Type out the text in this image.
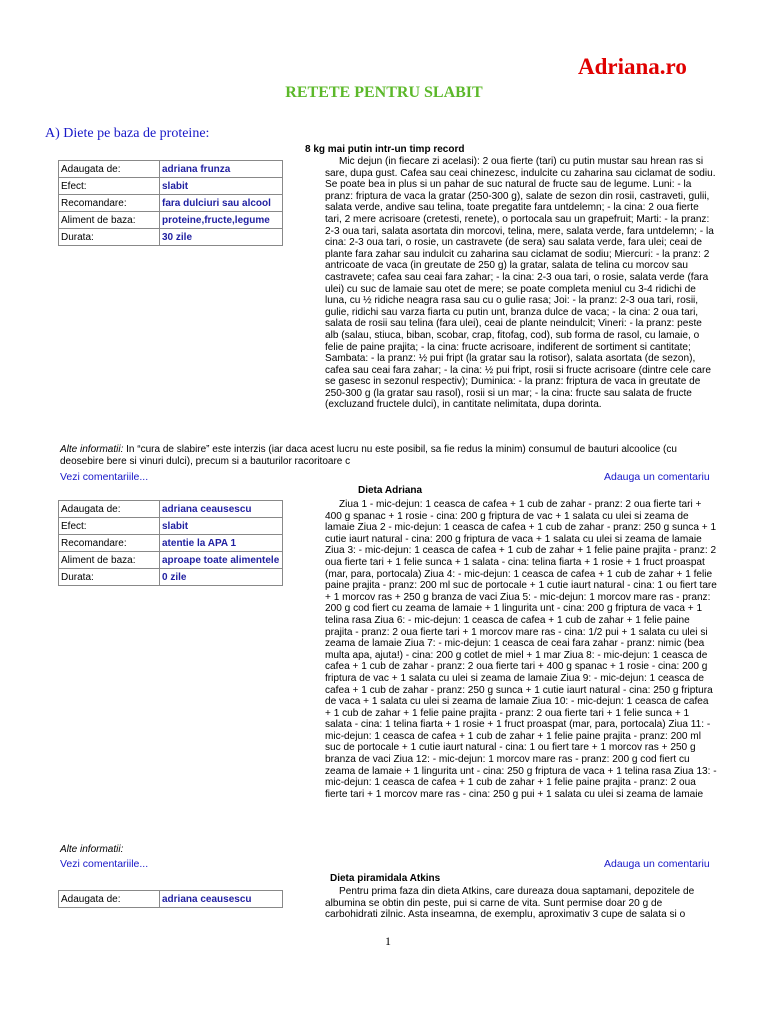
Adriana.ro
RETETE PENTRU SLABIT
A) Diete pe baza de proteine:
8 kg mai putin intr-un timp record
Adaugata de:	adriana frunza
Efect:	slabit
Recomandare:	fara dulciuri sau alcool
Aliment de baza:	proteine,fructe,legume
Durata:	30 zile

Mic dejun (in fiecare zi acelasi): 2 oua fierte (tari) cu putin mustar sau hrean ras si sare, dupa gust. Cafea sau ceai chinezesc, indulcite cu zaharina sau ciclamat de sodiu. Se poate bea in plus si un pahar de suc natural de fructe sau de legume. Luni: - la pranz: friptura de vaca la gratar (250-300 g), salate de sezon din rosii, castraveti, gulii, salata verde, andive sau telina, toate pregatite fara untdelemn; - la cina: 2 oua fierte tari, 2 mere acrisoare (cretesti, renete), o portocala sau un grapefruit; Marti: - la pranz: 2-3 oua tari, salata asortata din morcovi, telina, mere, salata verde, fara untdelemn; - la cina: 2-3 oua tari, o rosie, un castravete (de sera) sau salata verde, fara ulei; ceai de plante fara zahar sau indulcit cu zaharina sau ciclamat de sodiu; Miercuri: - la pranz: 2 antricoate de vaca (in greutate de 250 g) la gratar, salata de telina cu morcov sau castravete; cafea sau ceai fara zahar; - la cina: 2-3 oua tari, o rosie, salata verde (fara ulei) cu suc de lamaie sau otet de mere; se poate completa meniul cu 3-4 ridichi de luna, cu ½ ridiche neagra rasa sau cu o gulie rasa; Joi: - la pranz: 2-3 oua tari, rosii, gulie, ridichi sau varza fiarta cu putin unt, branza dulce de vaca; - la cina: 2 oua tari, salata de rosii sau telina (fara ulei), ceai de plante neindulcit; Vineri: - la pranz: peste alb (salau, stiuca, biban, scobar, crap, fitofag, cod), sub forma de rasol, cu lamaie, o felie de paine prajita; - la cina: fructe acrisoare, indiferent de sortiment si cantitate; Sambata: - la pranz: ½ pui fript (la gratar sau la rotisor), salata asortata (de sezon), cafea sau ceai fara zahar; - la cina: ½ pui fript, rosii si fructe acrisoare (dintre cele care se gasesc in sezonul respectiv); Duminica: - la pranz: friptura de vaca in greutate de 250-300 g (la gratar sau rasol), rosii si un mar; - la cina: fructe sau salata de fructe (excluzand fructele dulci), in cantitate nelimitata, dupa dorinta.

Alte informatii: In “cura de slabire” este interzis (iar daca acest lucru nu este posibil, sa fie redus la minim) consumul de bauturi alcoolice (cu deosebire bere si vinuri dulci), precum si a bauturilor racoritoare c

Vezi comentariile...	Adauga un comentariu
Dieta Adriana
Adaugata de:	adriana ceausescu
Efect:	slabit
Recomandare:	atentie la APA 1
Aliment de baza:	aproape toate alimentele
Durata:	0 zile

Ziua 1 - mic-dejun: 1 ceasca de cafea + 1 cub de zahar - pranz: 2 oua fierte tari + 400 g spanac + 1 rosie - cina: 200 g friptura de vac + 1 salata cu ulei si zeama de lamaie Ziua 2 - mic-dejun: 1 ceasca de cafea + 1 cub de zahar - pranz: 250 g sunca + 1 cutie iaurt natural - cina: 200 g friptura de vaca + 1 salata cu ulei si zeama de lamaie Ziua 3: - mic-dejun: 1 ceasca de cafea + 1 cub de zahar + 1 felie paine prajita - pranz: 2 oua fierte tari + 1 felie sunca + 1 salata - cina: telina fiarta + 1 rosie + 1 fruct proaspat (mar, para, portocala) Ziua 4: - mic-dejun: 1 ceasca de cafea + 1 cub de zahar + 1 felie paine prajita - pranz: 200 ml suc de portocale + 1 cutie iaurt natural - cina: 1 ou fiert tare + 1 morcov ras + 250 g branza de vaci Ziua 5: - mic-dejun: 1 morcov mare ras - pranz: 200 g cod fiert cu zeama de lamaie + 1 lingurita unt - cina: 200 g friptura de vaca + 1 telina rasa Ziua 6: - mic-dejun: 1 ceasca de cafea + 1 cub de zahar + 1 felie paine prajita - pranz: 2 oua fierte tari + 1 morcov mare ras - cina: 1/2 pui + 1 salata cu ulei si zeama de lamaie Ziua 7: - mic-dejun: 1 ceasca de ceai fara zahar - pranz: nimic (bea multa apa, ajuta!) - cina: 200 g cotlet de miel + 1 mar Ziua 8: - mic-dejun: 1 ceasca de cafea + 1 cub de zahar - pranz: 2 oua fierte tari + 400 g spanac + 1 rosie - cina: 200 g friptura de vac + 1 salata cu ulei si zeama de lamaie Ziua 9: - mic-dejun: 1 ceasca de cafea + 1 cub de zahar - pranz: 250 g sunca + 1 cutie iaurt natural - cina: 250 g friptura de vaca + 1 salata cu ulei si zeama de lamaie Ziua 10: - mic-dejun: 1 ceasca de cafea + 1 cub de zahar + 1 felie paine prajita - pranz: 2 oua fierte tari + 1 felie sunca + 1 salata - cina: 1 telina fiarta + 1 rosie + 1 fruct proaspat (mar, para, portocala) Ziua 11: - mic-dejun: 1 ceasca de cafea + 1 cub de zahar + 1 felie paine prajita - pranz: 200 ml suc de portocale + 1 cutie iaurt natural - cina: 1 ou fiert tare + 1 morcov ras + 250 g branza de vaci Ziua 12: - mic-dejun: 1 morcov mare ras - pranz: 200 g cod fiert cu zeama de lamaie + 1 lingurita unt - cina: 250 g friptura de vaca + 1 telina rasa Ziua 13: - mic-dejun: 1 ceasca de cafea + 1 cub de zahar + 1 felie paine prajita - pranz: 2 oua fierte tari + 1 morcov mare ras - cina: 250 g pui + 1 salata cu ulei si zeama de lamaie

Alte informatii:

Vezi comentariile...	Adauga un comentariu
Dieta piramidala Atkins
Adaugata de:	adriana ceausescu

Pentru prima faza din dieta Atkins, care dureaza doua saptamani, depozitele de albumina se obtin din peste, pui si carne de vita. Sunt permise doar 20 g de carbohidrati zilnic. Asta inseamna, de exemplu, aproximativ 3 cupe de salata si o

1
